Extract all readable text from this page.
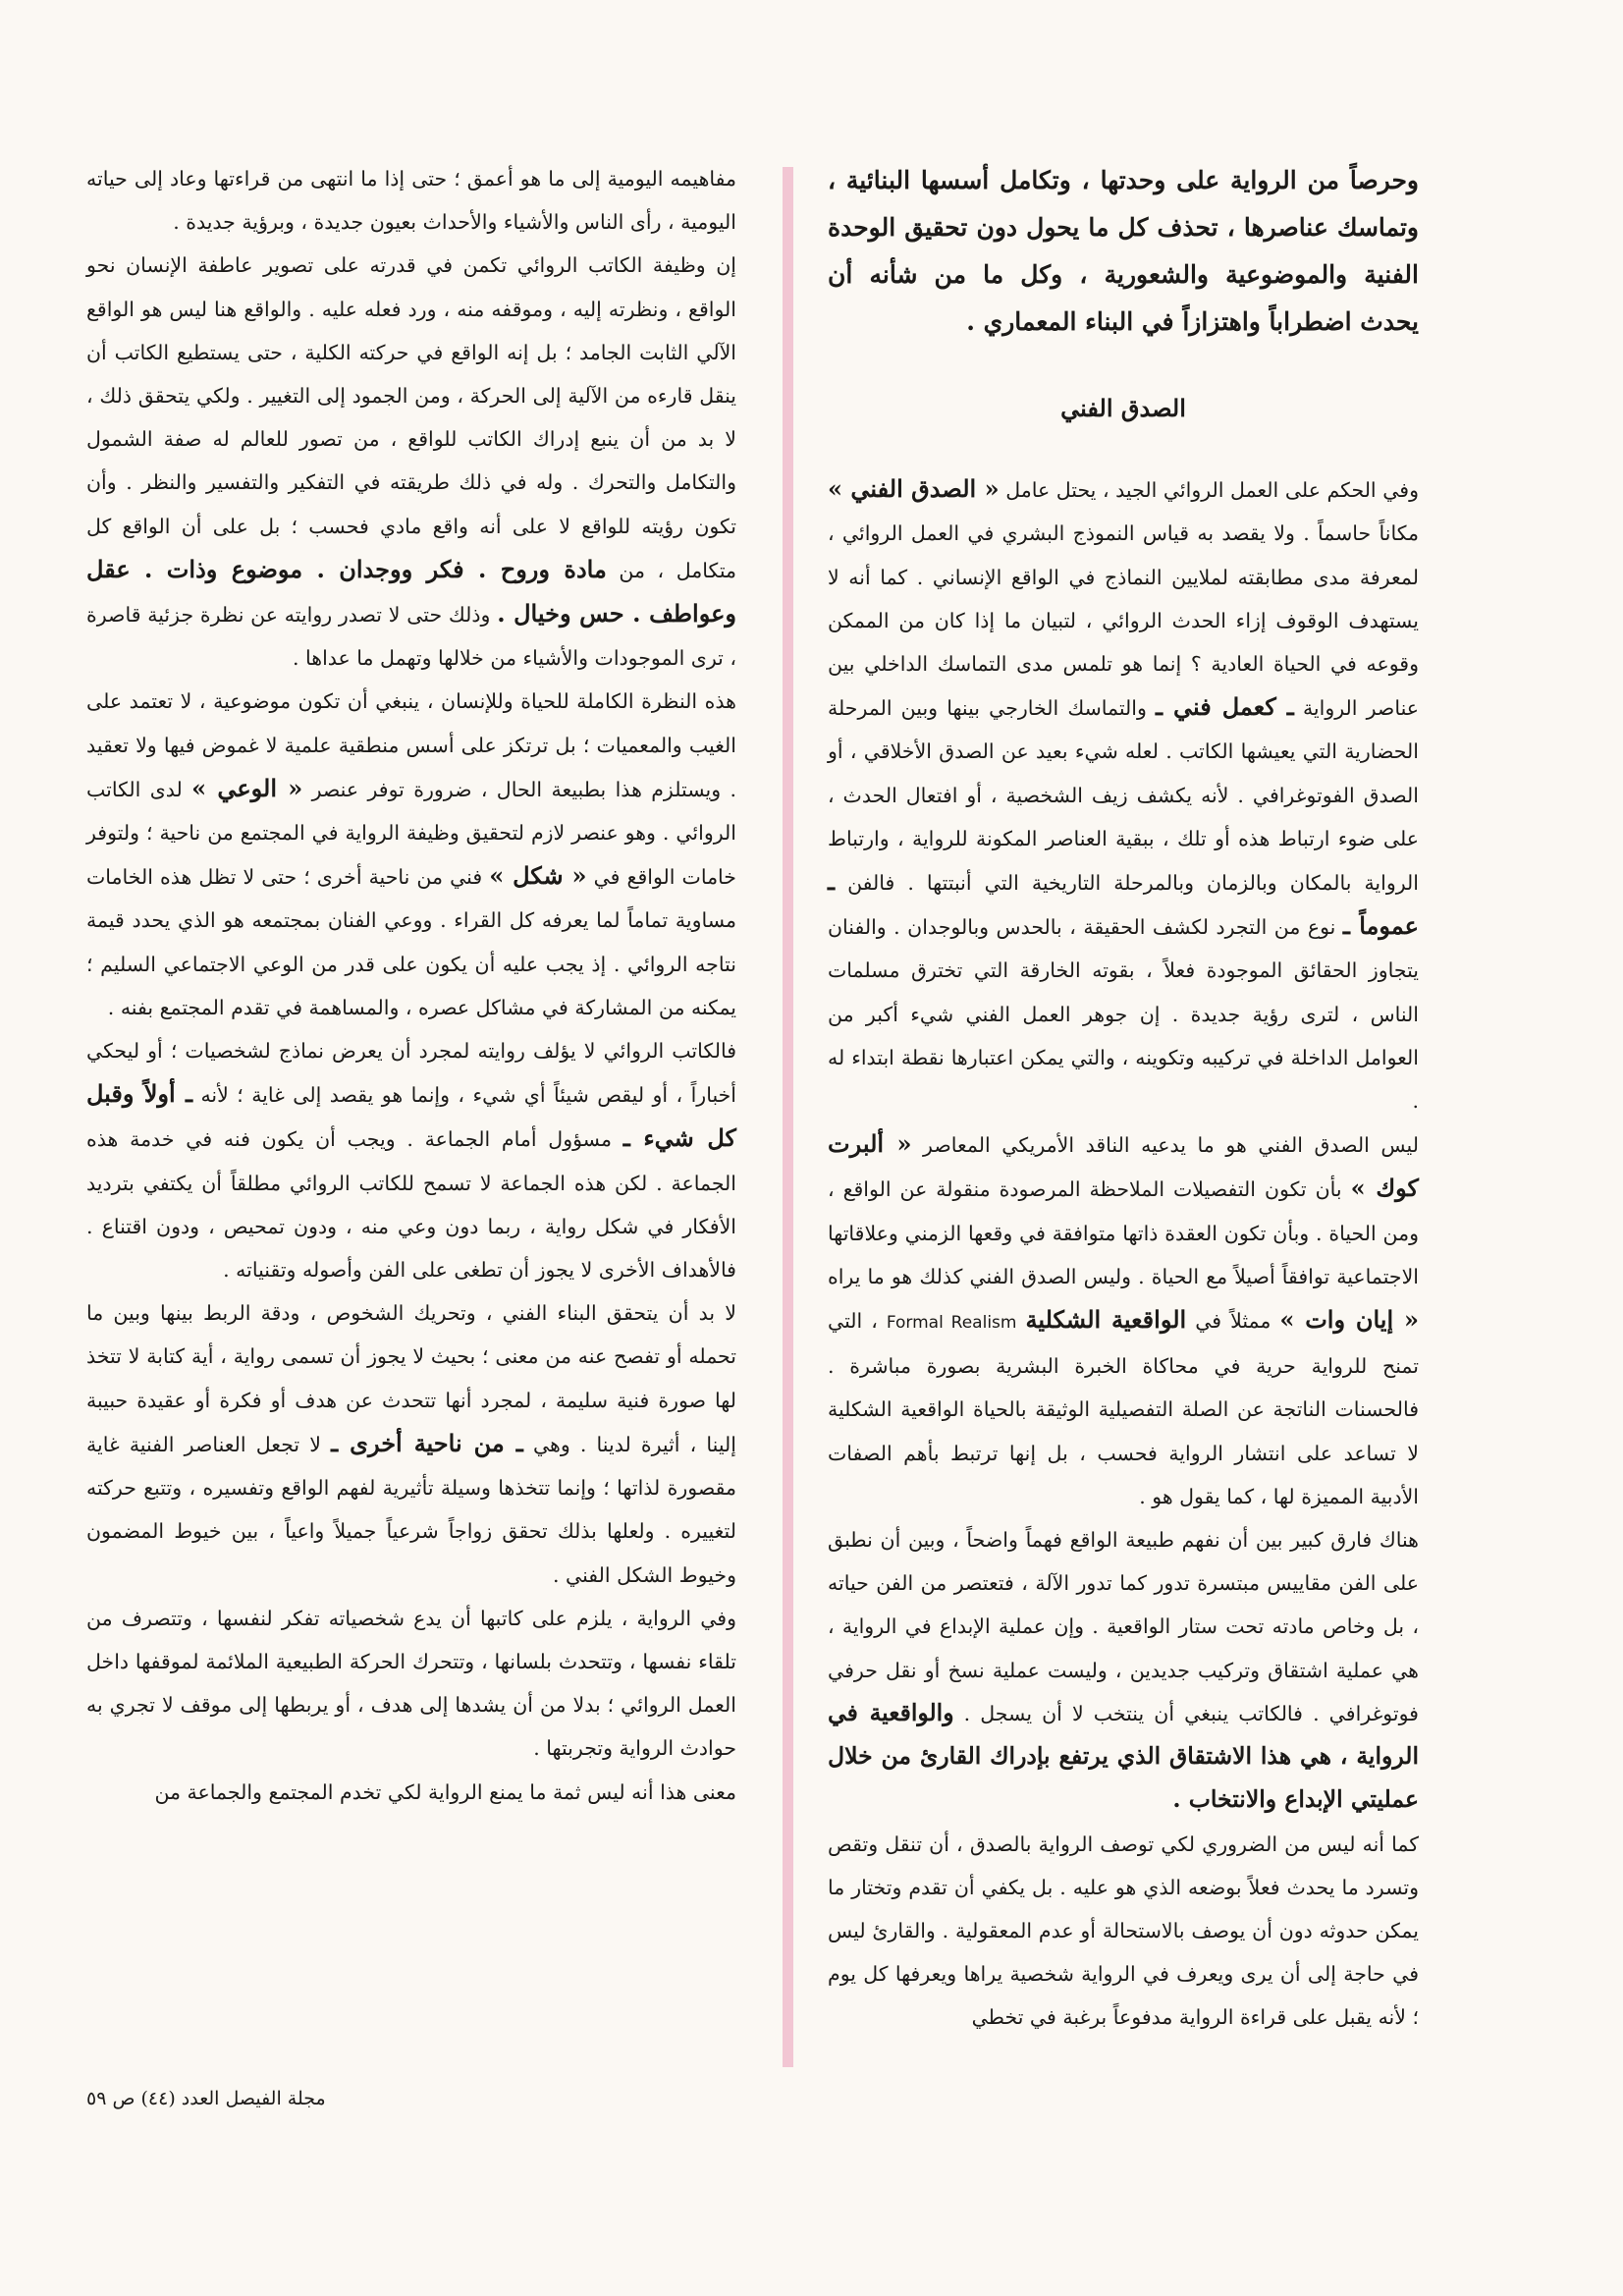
وحرصاً من الرواية على وحدتها ، وتكامل أسسها البنائية ، وتماسك عناصرها ، تحذف كل ما يحول دون تحقيق الوحدة الفنية والموضوعية والشعورية ، وكل ما من شأنه أن يحدث اضطراباً واهتزازاً في البناء المعماري .

الصدق الفني

وفي الحكم على العمل الروائي الجيد ، يحتل عامل « الصدق الفني » مكاناً حاسماً . ولا يقصد به قياس النموذج البشري في العمل الروائي ، لمعرفة مدى مطابقته لملايين النماذج في الواقع الإنساني . كما أنه لا يستهدف الوقوف إزاء الحدث الروائي ، لتبيان ما إذا كان من الممكن وقوعه في الحياة العادية ؟ إنما هو تلمس مدى التماسك الداخلي بين عناصر الرواية ـ كعمل فني ـ والتماسك الخارجي بينها وبين المرحلة الحضارية التي يعيشها الكاتب . لعله شيء بعيد عن الصدق الأخلاقي ، أو الصدق الفوتوغرافي . لأنه يكشف زيف الشخصية ، أو افتعال الحدث ، على ضوء ارتباط هذه أو تلك ، ببقية العناصر المكونة للرواية ، وارتباط الرواية بالمكان وبالزمان وبالمرحلة التاريخية التي أنبتتها . فالفن ـ عموماً ـ نوع من التجرد لكشف الحقيقة ، بالحدس وبالوجدان . والفنان يتجاوز الحقائق الموجودة فعلاً ، بقوته الخارقة التي تخترق مسلمات الناس ، لترى رؤية جديدة . إن جوهر العمل الفني شيء أكبر من العوامل الداخلة في تركيبه وتكوينه ، والتي يمكن اعتبارها نقطة ابتداء له .

ليس الصدق الفني هو ما يدعيه الناقد الأمريكي المعاصر « ألبرت كوك » بأن تكون التفصيلات الملاحظة المرصودة منقولة عن الواقع ، ومن الحياة . وبأن تكون العقدة ذاتها متوافقة في وقعها الزمني وعلاقاتها الاجتماعية توافقاً أصيلاً مع الحياة . وليس الصدق الفني كذلك هو ما يراه « إيان وات » ممثلاً في الواقعية الشكلية Formal Realism ، التي تمنح للرواية حرية في محاكاة الخبرة البشرية بصورة مباشرة . فالحسنات الناتجة عن الصلة التفصيلية الوثيقة بالحياة الواقعية الشكلية لا تساعد على انتشار الرواية فحسب ، بل إنها ترتبط بأهم الصفات الأدبية المميزة لها ، كما يقول هو .

هناك فارق كبير بين أن نفهم طبيعة الواقع فهماً واضحاً ، وبين أن نطبق على الفن مقاييس مبتسرة تدور كما تدور الآلة ، فتعتصر من الفن حياته ، بل وخاص مادته تحت ستار الواقعية . وإن عملية الإبداع في الرواية ، هي عملية اشتقاق وتركيب جديدين ، وليست عملية نسخ أو نقل حرفي فوتوغرافي . فالكاتب ينبغي أن ينتخب لا أن يسجل . والواقعية في الرواية ، هي هذا الاشتقاق الذي يرتفع بإدراك القارئ من خلال عمليتي الإبداع والانتخاب .

كما أنه ليس من الضروري لكي توصف الرواية بالصدق ، أن تنقل وتقص وتسرد ما يحدث فعلاً بوضعه الذي هو عليه . بل يكفي أن تقدم وتختار ما يمكن حدوثه دون أن يوصف بالاستحالة أو عدم المعقولية . والقارئ ليس في حاجة إلى أن يرى ويعرف في الرواية شخصية يراها ويعرفها كل يوم ؛ لأنه يقبل على قراءة الرواية مدفوعاً برغبة في تخطي

مفاهيمه اليومية إلى ما هو أعمق ؛ حتى إذا ما انتهى من قراءتها وعاد إلى حياته اليومية ، رأى الناس والأشياء والأحداث بعيون جديدة ، وبرؤية جديدة .

إن وظيفة الكاتب الروائي تكمن في قدرته على تصوير عاطفة الإنسان نحو الواقع ، ونظرته إليه ، وموقفه منه ، ورد فعله عليه . والواقع هنا ليس هو الواقع الآلي الثابت الجامد ؛ بل إنه الواقع في حركته الكلية ، حتى يستطيع الكاتب أن ينقل قارءه من الآلية إلى الحركة ، ومن الجمود إلى التغيير . ولكي يتحقق ذلك ، لا بد من أن ينبع إدراك الكاتب للواقع ، من تصور للعالم له صفة الشمول والتكامل والتحرك . وله في ذلك طريقته في التفكير والتفسير والنظر . وأن تكون رؤيته للواقع لا على أنه واقع مادي فحسب ؛ بل على أن الواقع كل متكامل ، من مادة وروح . فكر ووجدان . موضوع وذات . عقل وعواطف . حس وخيال . وذلك حتى لا تصدر روايته عن نظرة جزئية قاصرة ، ترى الموجودات والأشياء من خلالها وتهمل ما عداها .

هذه النظرة الكاملة للحياة وللإنسان ، ينبغي أن تكون موضوعية ، لا تعتمد على الغيب والمعميات ؛ بل ترتكز على أسس منطقية علمية لا غموض فيها ولا تعقيد . ويستلزم هذا بطبيعة الحال ، ضرورة توفر عنصر « الوعي » لدى الكاتب الروائي . وهو عنصر لازم لتحقيق وظيفة الرواية في المجتمع من ناحية ؛ ولتوفر خامات الواقع في « شكل » فني من ناحية أخرى ؛ حتى لا تظل هذه الخامات مساوية تماماً لما يعرفه كل القراء . ووعي الفنان بمجتمعه هو الذي يحدد قيمة نتاجه الروائي . إذ يجب عليه أن يكون على قدر من الوعي الاجتماعي السليم ؛ يمكنه من المشاركة في مشاكل عصره ، والمساهمة في تقدم المجتمع بفنه .

فالكاتب الروائي لا يؤلف روايته لمجرد أن يعرض نماذج لشخصيات ؛ أو ليحكي أخباراً ، أو ليقص شيئاً أي شيء ، وإنما هو يقصد إلى غاية ؛ لأنه ـ أولاً وقبل كل شيء ـ مسؤول أمام الجماعة . ويجب أن يكون فنه في خدمة هذه الجماعة . لكن هذه الجماعة لا تسمح للكاتب الروائي مطلقاً أن يكتفي بترديد الأفكار في شكل رواية ، ربما دون وعي منه ، ودون تمحيص ، ودون اقتناع . فالأهداف الأخرى لا يجوز أن تطغى على الفن وأصوله وتقنياته .

لا بد أن يتحقق البناء الفني ، وتحريك الشخوص ، ودقة الربط بينها وبين ما تحمله أو تفصح عنه من معنى ؛ بحيث لا يجوز أن تسمى رواية ، أية كتابة لا تتخذ لها صورة فنية سليمة ، لمجرد أنها تتحدث عن هدف أو فكرة أو عقيدة حبيبة إلينا ، أثيرة لدينا . وهي ـ من ناحية أخرى ـ لا تجعل العناصر الفنية غاية مقصورة لذاتها ؛ وإنما تتخذها وسيلة تأثيرية لفهم الواقع وتفسيره ، وتتبع حركته لتغييره . ولعلها بذلك تحقق زواجاً شرعياً جميلاً واعياً ، بين خيوط المضمون وخيوط الشكل الفني .

وفي الرواية ، يلزم على كاتبها أن يدع شخصياته تفكر لنفسها ، وتتصرف من تلقاء نفسها ، وتتحدث بلسانها ، وتتحرك الحركة الطبيعية الملائمة لموقفها داخل العمل الروائي ؛ بدلا من أن يشدها إلى هدف ، أو يربطها إلى موقف لا تجري به حوادث الرواية وتجربتها .

معنى هذا أنه ليس ثمة ما يمنع الرواية لكي تخدم المجتمع والجماعة من

مجلة الفيصل العدد (٤٤) ص ٥٩
